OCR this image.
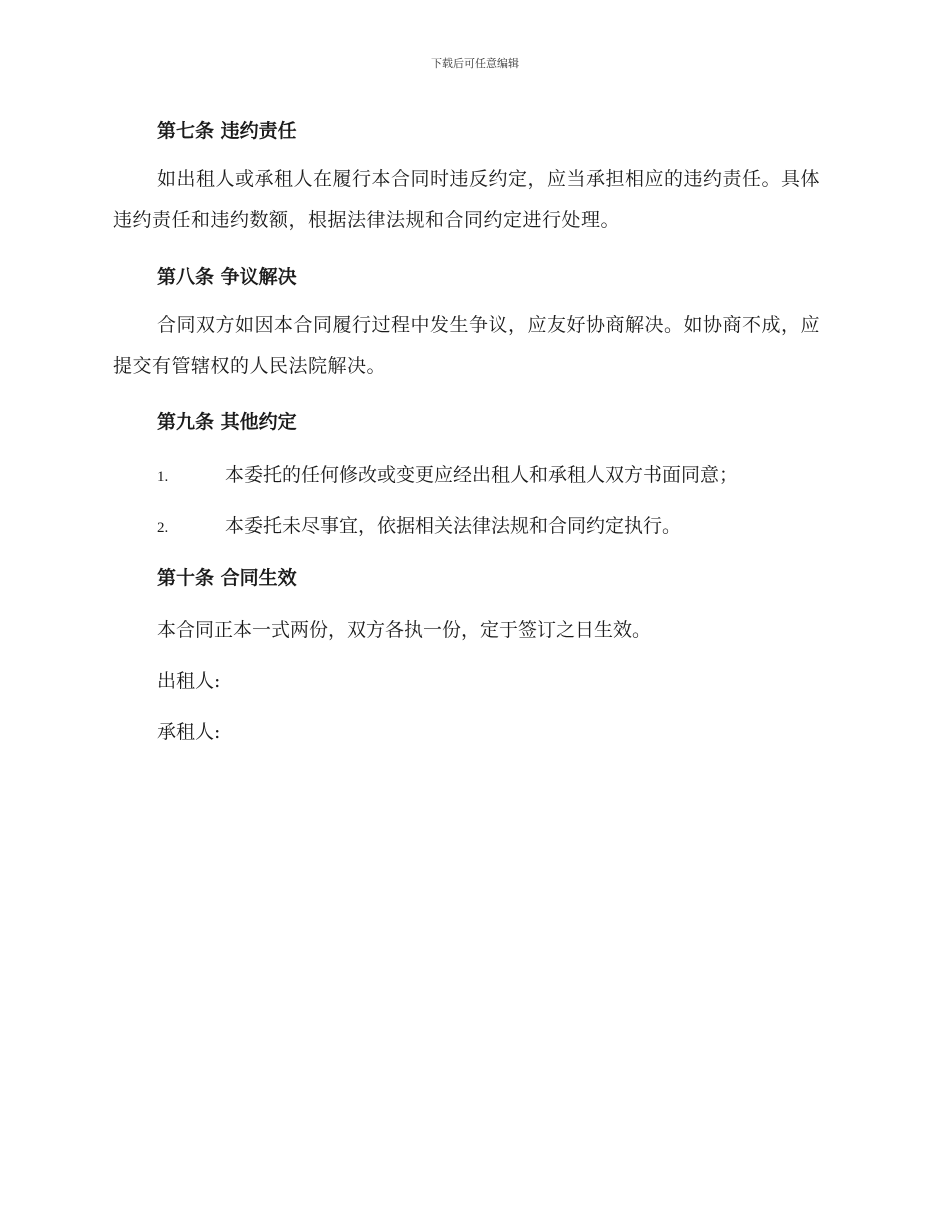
下载后可任意编辑
第七条 违约责任

如出租人或承租人在履行本合同时违反约定，应当承担相应的违约责任。具体违约责任和违约数额，根据法律法规和合同约定进行处理。

第八条 争议解决

合同双方如因本合同履行过程中发生争议，应友好协商解决。如协商不成，应提交有管辖权的人民法院解决。

第九条 其他约定
1.	本委托的任何修改或变更应经出租人和承租人双方书面同意；
2.	本委托未尽事宜，依据相关法律法规和合同约定执行。
第十条 合同生效
本合同正本一式两份，双方各执一份，定于签订之日生效。
出租人:
承租人:
